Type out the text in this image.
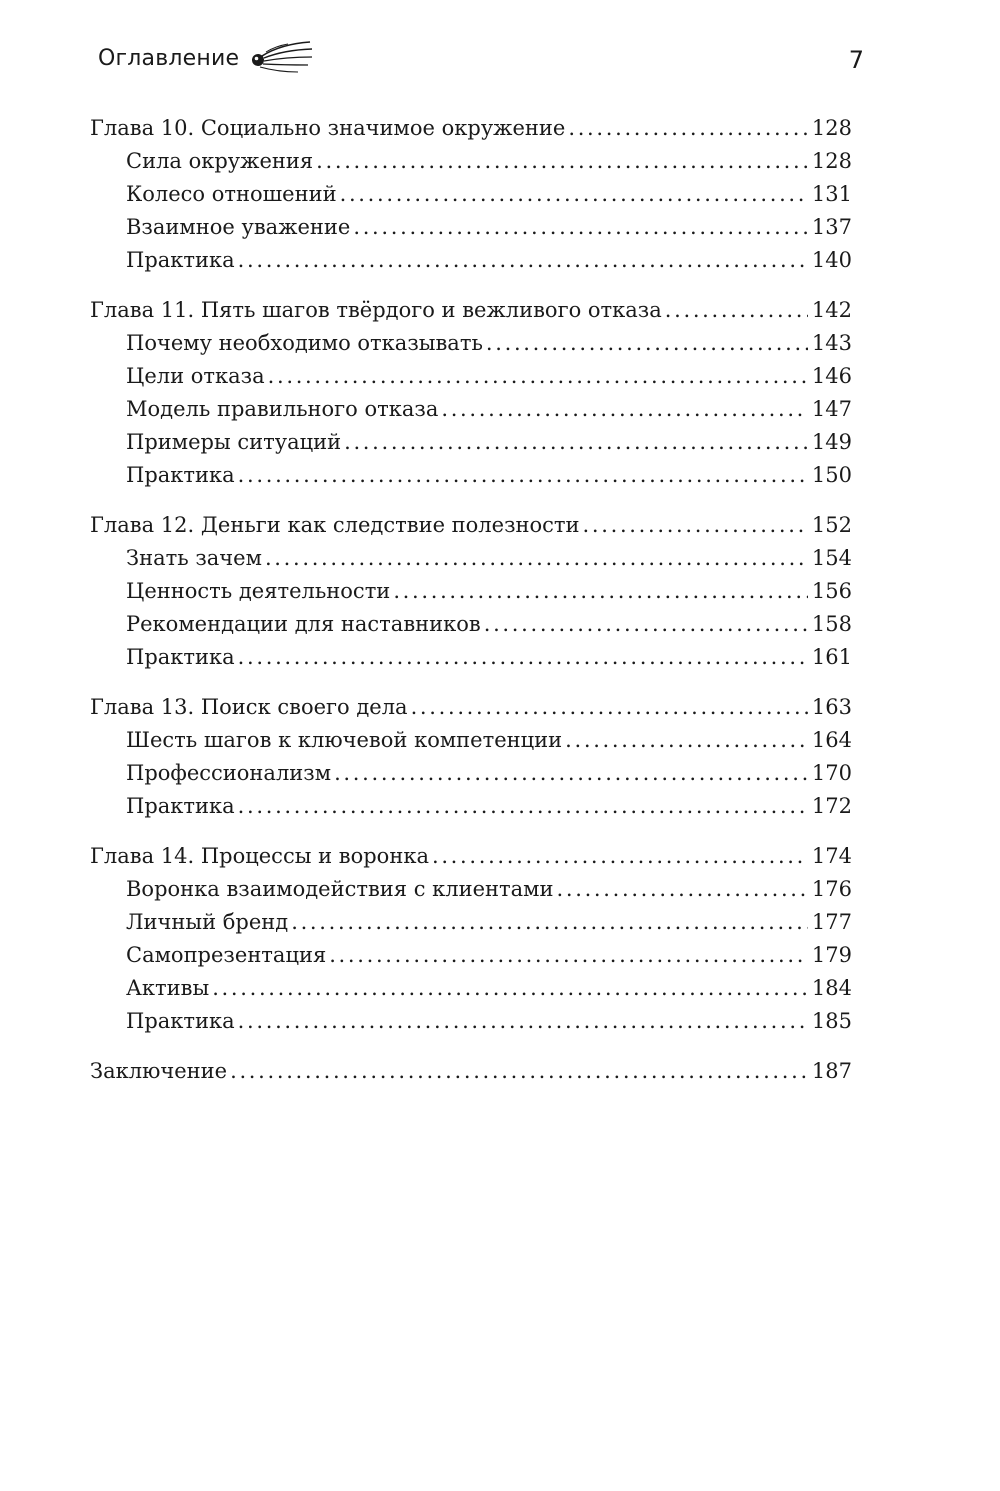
Оглавление	7
Глава 10. Социально значимое окружение . . .	128
Сила окружения . . .	128
Колесо отношений . . .	131
Взаимное уважение . . .	137
Практика . . .	140
Глава 11. Пять шагов твёрдого и вежливого отказа . . .	142
Почему необходимо отказывать . . .	143
Цели отказа . . .	146
Модель правильного отказа . . .	147
Примеры ситуаций . . .	149
Практика . . .	150
Глава 12. Деньги как следствие полезности . . .	152
Знать зачем . . .	154
Ценность деятельности . . .	156
Рекомендации для наставников . . .	158
Практика . . .	161
Глава 13. Поиск своего дела . . .	163
Шесть шагов к ключевой компетенции . . .	164
Профессионализм . . .	170
Практика . . .	172
Глава 14. Процессы и воронка . . .	174
Воронка взаимодействия с клиентами . . .	176
Личный бренд . . .	177
Самопрезентация . . .	179
Активы . . .	184
Практика . . .	185
Заключение . . .	187
